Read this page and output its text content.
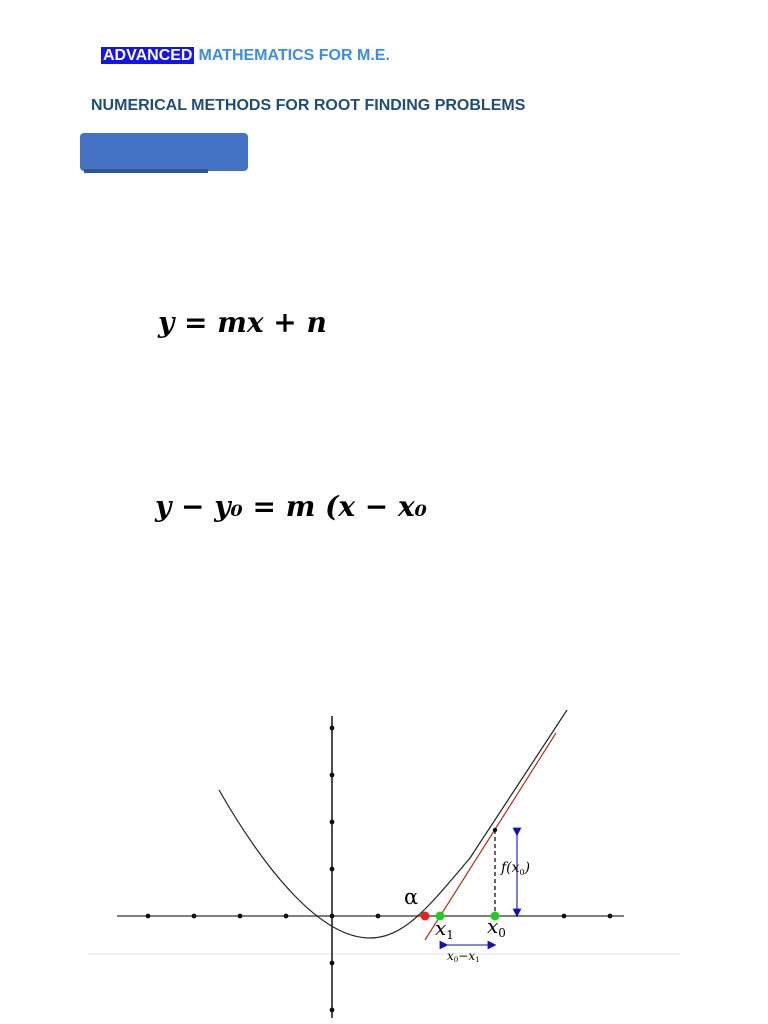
ADVANCED MATHEMATICS FOR M.E.
NUMERICAL METHODS FOR ROOT FINDING PROBLEMS
𝒚 = 𝒎𝒙 + 𝒏
𝒚 − 𝒚₀ = 𝒎 (𝒙 − 𝒙₀
α
$x_1$ $x_0$
$f(x_0)$
x0−x1
